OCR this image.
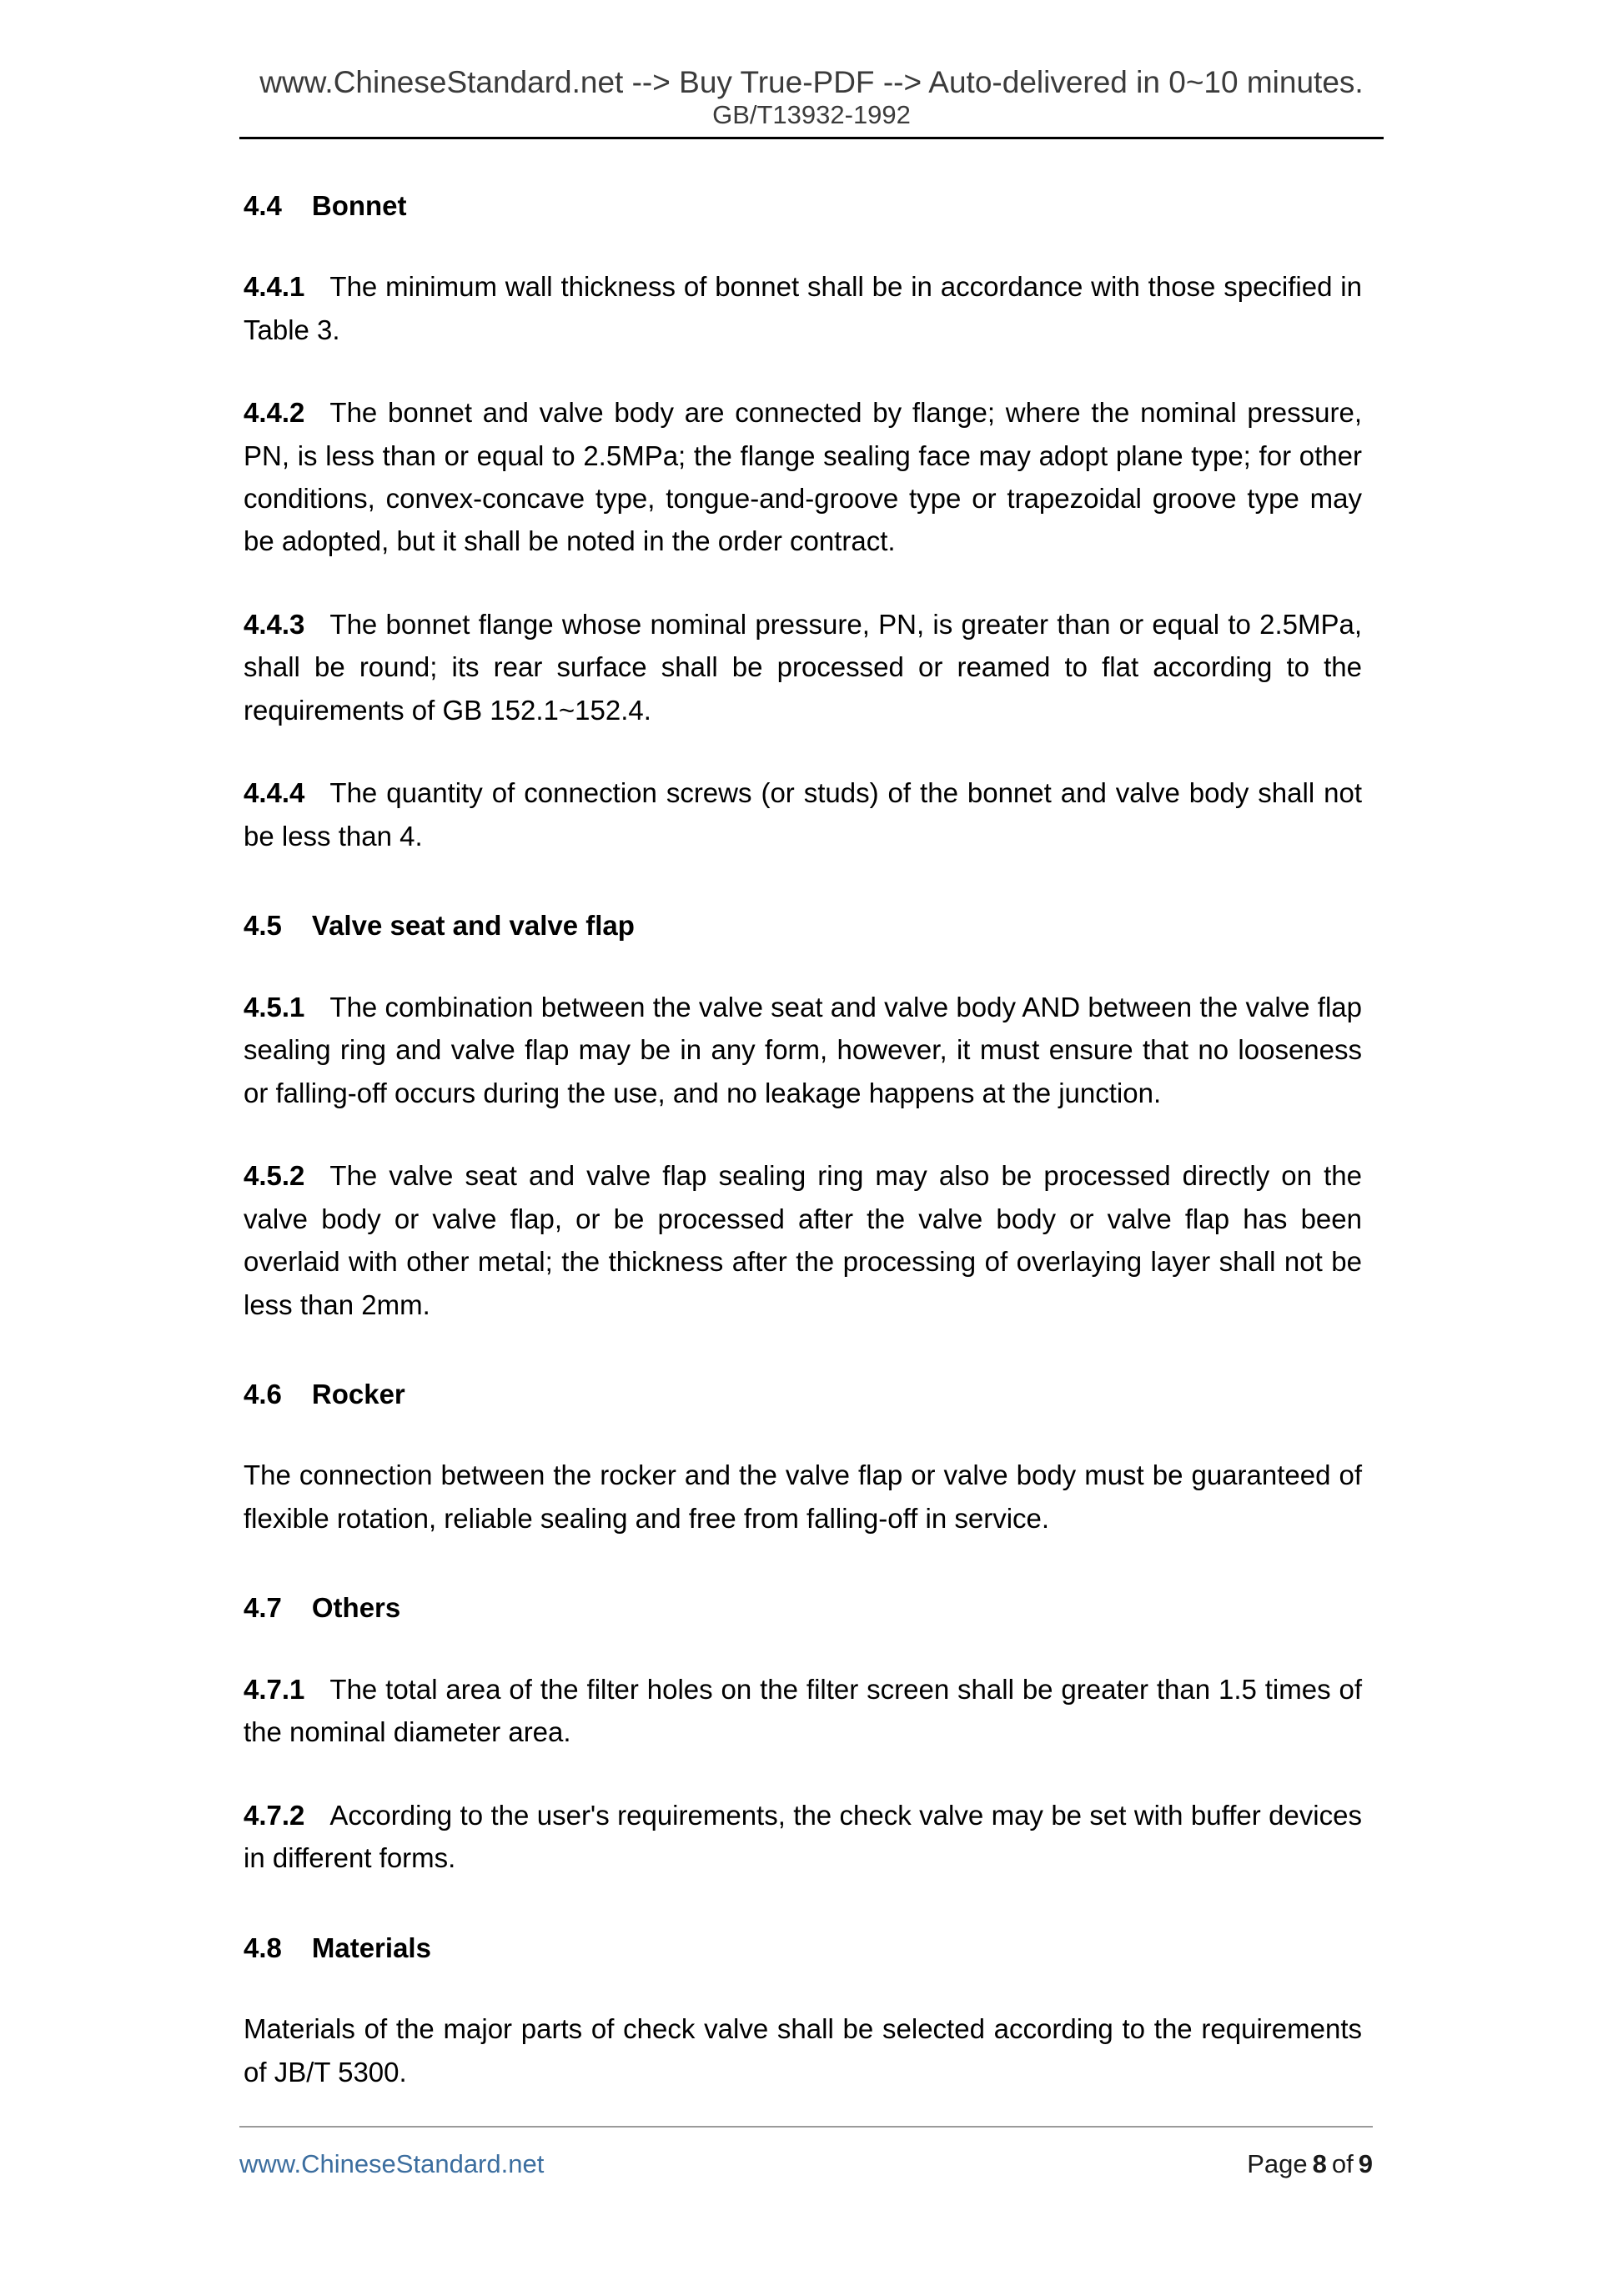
www.ChineseStandard.net --> Buy True-PDF --> Auto-delivered in 0~10 minutes.
GB/T13932-1992
4.4 Bonnet

4.4.1 The minimum wall thickness of bonnet shall be in accordance with those specified in Table 3.

4.4.2 The bonnet and valve body are connected by flange; where the nominal pressure, PN, is less than or equal to 2.5MPa; the flange sealing face may adopt plane type; for other conditions, convex-concave type, tongue-and-groove type or trapezoidal groove type may be adopted, but it shall be noted in the order contract.

4.4.3 The bonnet flange whose nominal pressure, PN, is greater than or equal to 2.5MPa, shall be round; its rear surface shall be processed or reamed to flat according to the requirements of GB 152.1~152.4.

4.4.4 The quantity of connection screws (or studs) of the bonnet and valve body shall not be less than 4.

4.5 Valve seat and valve flap

4.5.1 The combination between the valve seat and valve body AND between the valve flap sealing ring and valve flap may be in any form, however, it must ensure that no looseness or falling-off occurs during the use, and no leakage happens at the junction.

4.5.2 The valve seat and valve flap sealing ring may also be processed directly on the valve body or valve flap, or be processed after the valve body or valve flap has been overlaid with other metal; the thickness after the processing of overlaying layer shall not be less than 2mm.

4.6 Rocker

The connection between the rocker and the valve flap or valve body must be guaranteed of flexible rotation, reliable sealing and free from falling-off in service.

4.7 Others

4.7.1 The total area of the filter holes on the filter screen shall be greater than 1.5 times of the nominal diameter area.

4.7.2 According to the user's requirements, the check valve may be set with buffer devices in different forms.

4.8 Materials

Materials of the major parts of check valve shall be selected according to the requirements of JB/T 5300.

www.ChineseStandard.net	Page 8 of 9
